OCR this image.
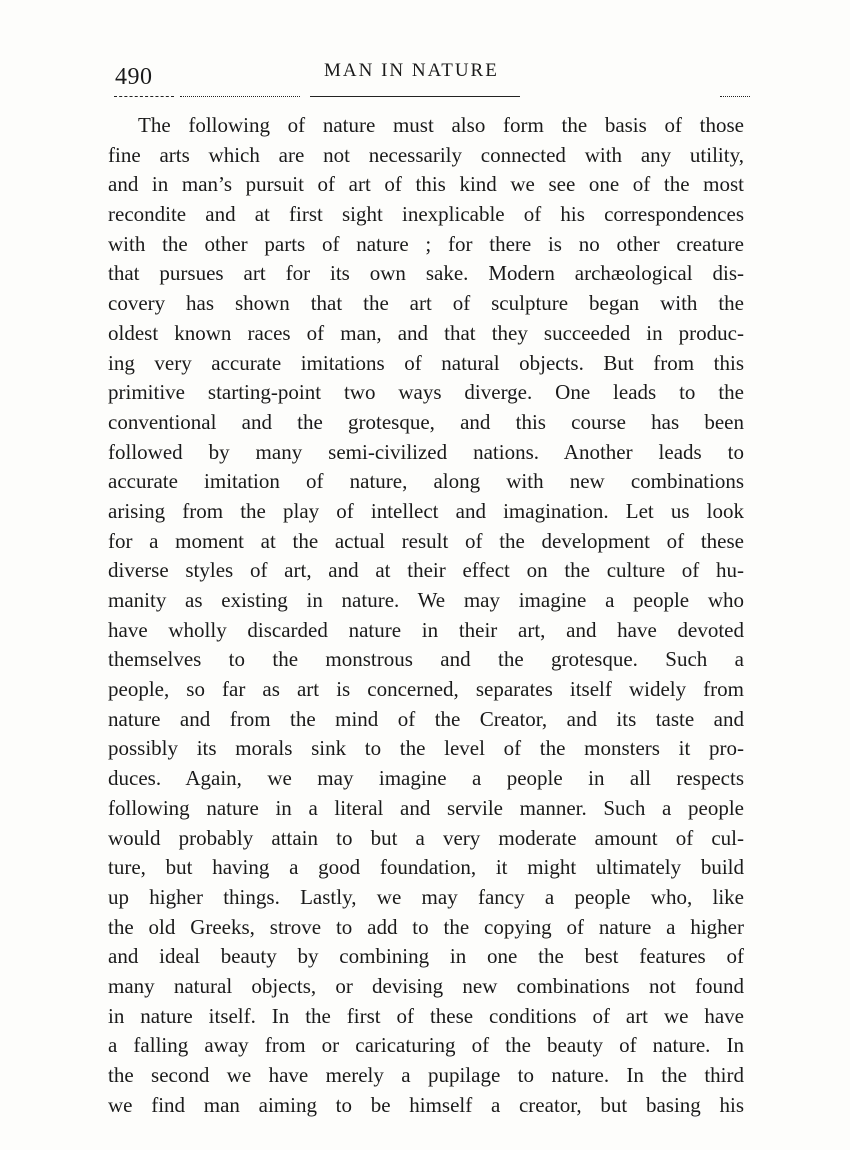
490	MAN IN NATURE
The following of nature must also form the basis of those
fine arts which are not necessarily connected with any utility,
and in man’s pursuit of art of this kind we see one of the most
recondite and at first sight inexplicable of his correspondences
with the other parts of nature ; for there is no other creature
that pursues art for its own sake. Modern archæological dis-
covery has shown that the art of sculpture began with the
oldest known races of man, and that they succeeded in produc-
ing very accurate imitations of natural objects. But from this
primitive starting-point two ways diverge. One leads to the
conventional and the grotesque, and this course has been
followed by many semi-civilized nations. Another leads to
accurate imitation of nature, along with new combinations
arising from the play of intellect and imagination. Let us look
for a moment at the actual result of the development of these
diverse styles of art, and at their effect on the culture of hu-
manity as existing in nature. We may imagine a people who
have wholly discarded nature in their art, and have devoted
themselves to the monstrous and the grotesque. Such a
people, so far as art is concerned, separates itself widely from
nature and from the mind of the Creator, and its taste and
possibly its morals sink to the level of the monsters it pro-
duces. Again, we may imagine a people in all respects
following nature in a literal and servile manner. Such a people
would probably attain to but a very moderate amount of cul-
ture, but having a good foundation, it might ultimately build
up higher things. Lastly, we may fancy a people who, like
the old Greeks, strove to add to the copying of nature a higher
and ideal beauty by combining in one the best features of
many natural objects, or devising new combinations not found
in nature itself. In the first of these conditions of art we have
a falling away from or caricaturing of the beauty of nature. In
the second we have merely a pupilage to nature. In the third
we find man aiming to be himself a creator, but basing his
